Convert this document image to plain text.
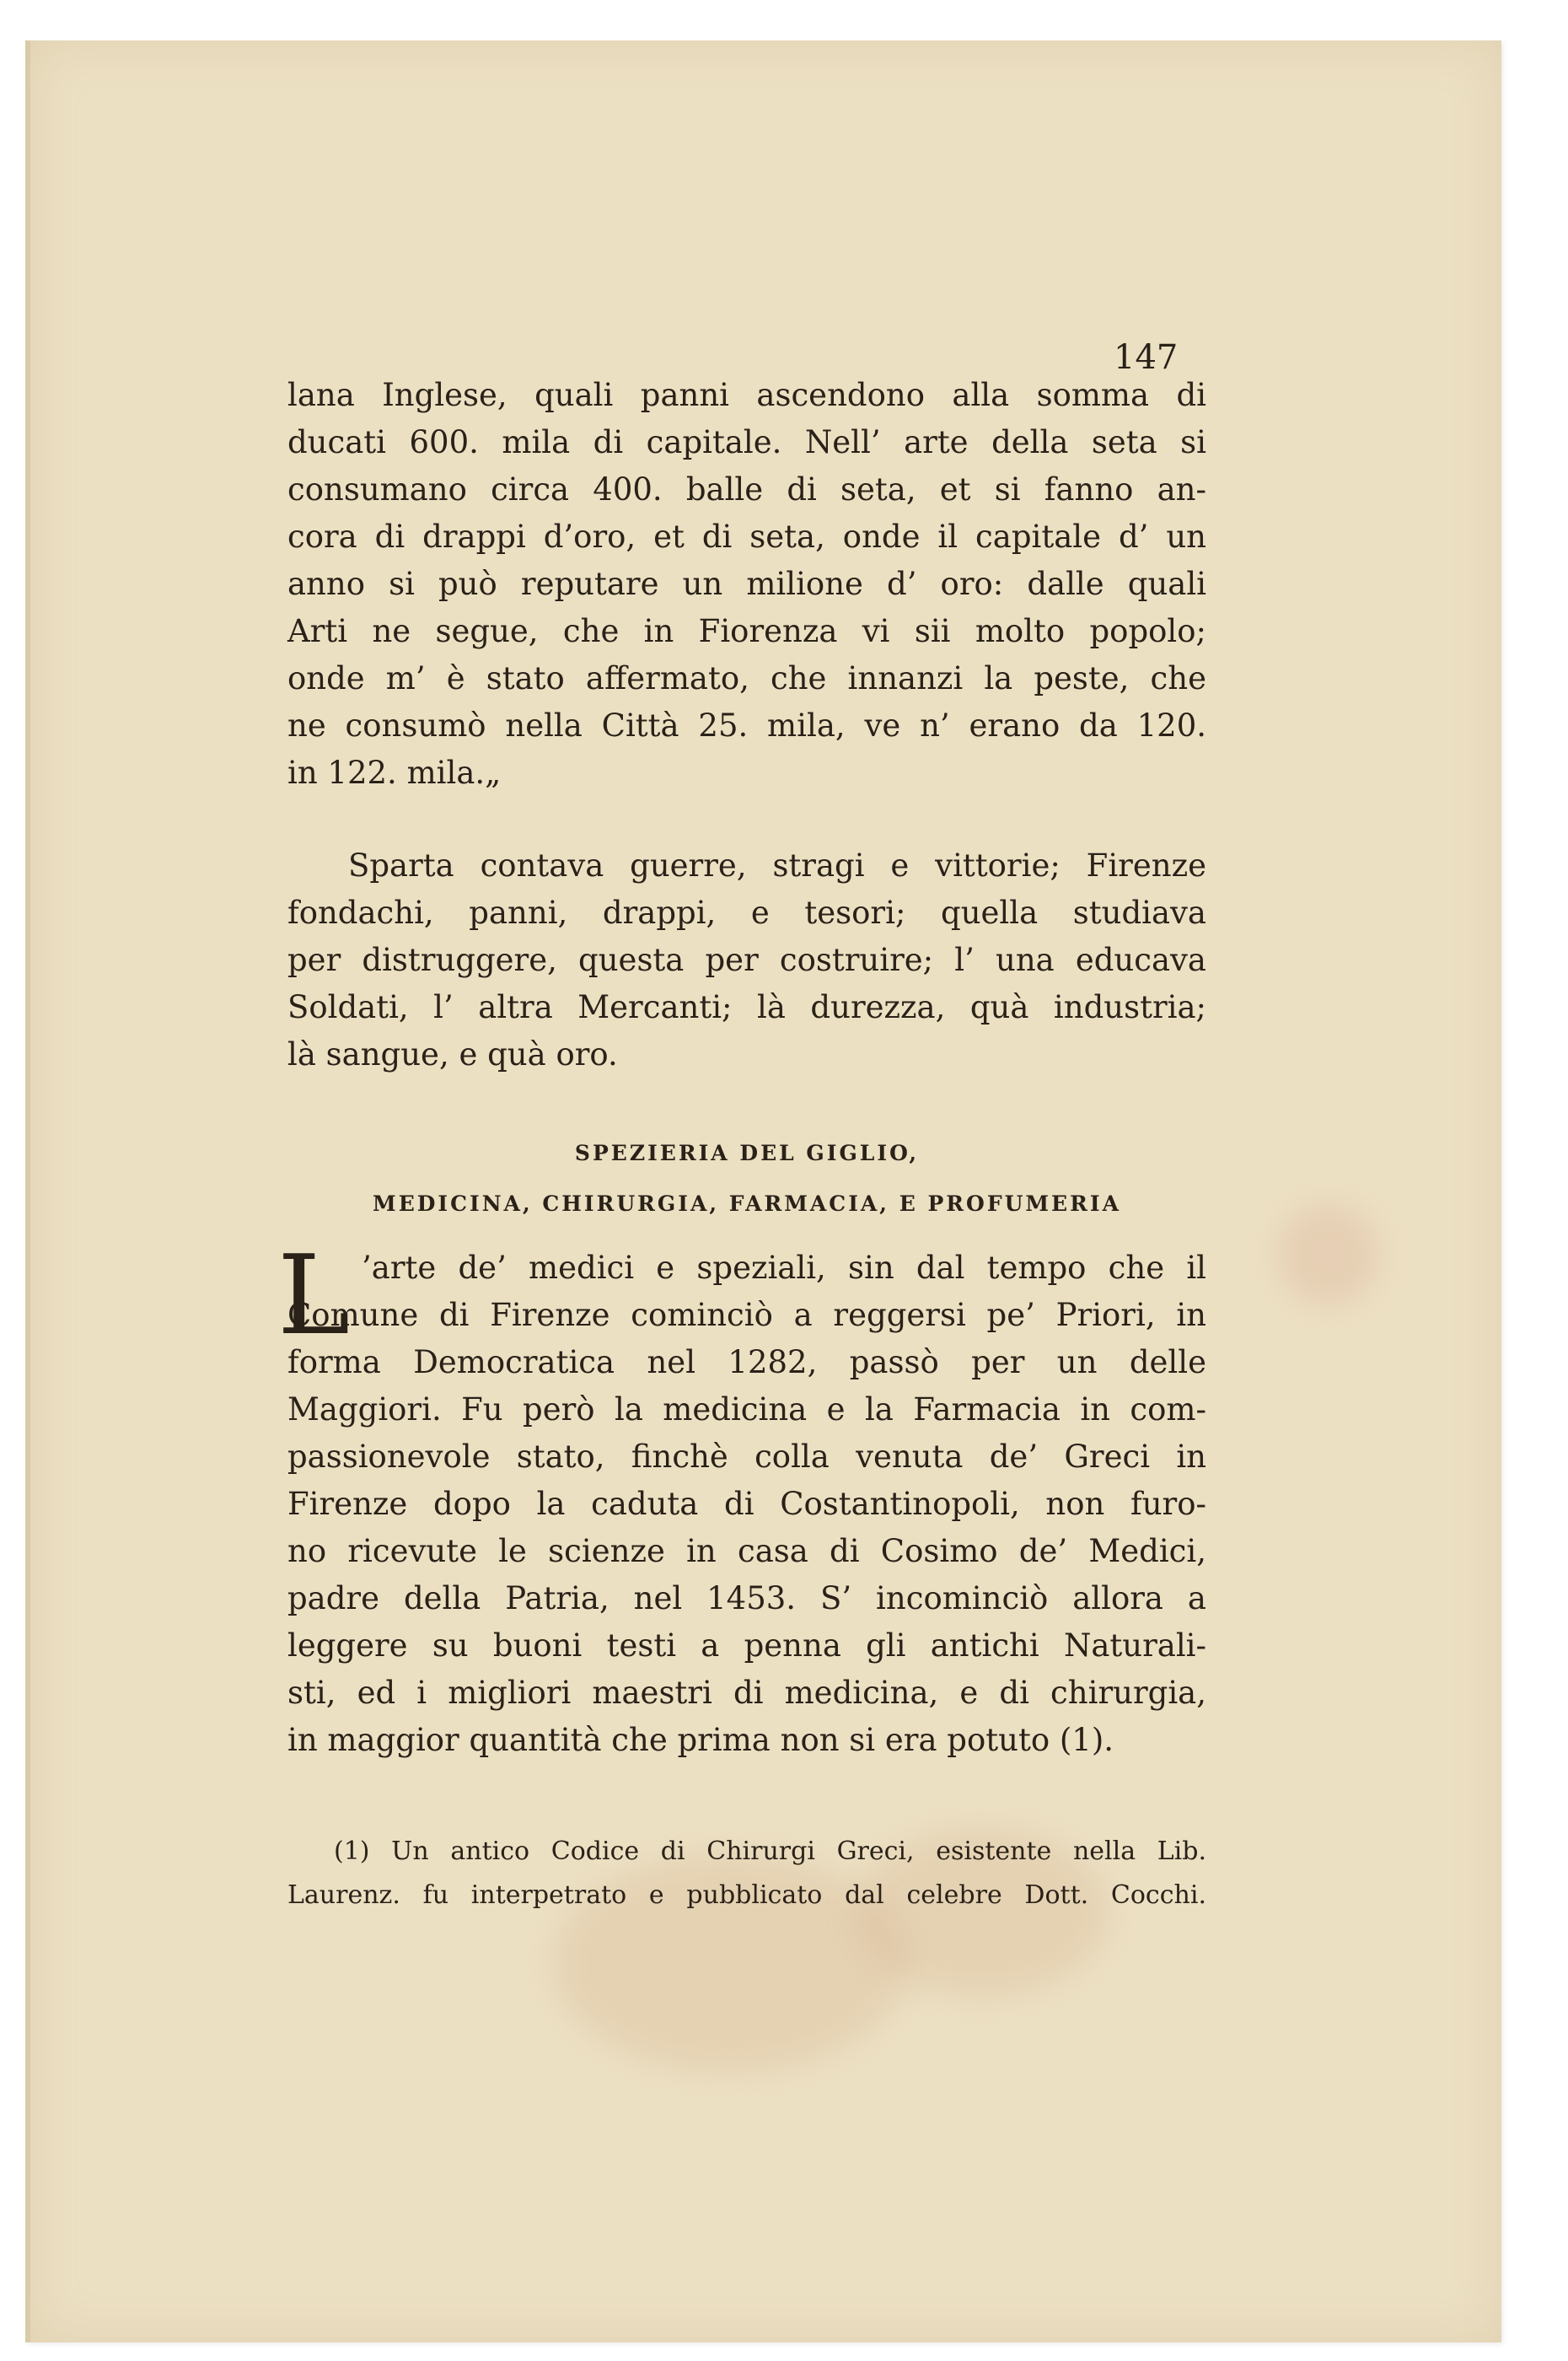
147
lana Inglese, quali panni ascendono alla somma di
ducati 600. mila di capitale. Nell’ arte della seta si
consumano circa 400. balle di seta, et si fanno an-
cora di drappi d’oro, et di seta, onde il capitale d’ un
anno si può reputare un milione d’ oro: dalle quali
Arti ne segue, che in Fiorenza vi sii molto popolo;
onde m’ è stato affermato, che innanzi la peste, che
ne consumò nella Città 25. mila, ve n’ erano da 120.
in 122. mila.„
Sparta contava guerre, stragi e vittorie; Firenze
fondachi, panni, drappi, e tesori; quella studiava
per distruggere, questa per costruire; l’ una educava
Soldati, l’ altra Mercanti; là durezza, quà industria;
là sangue, e quà oro.
SPEZIERIA DEL GIGLIO,
MEDICINA, CHIRURGIA, FARMACIA, E PROFUMERIA
L ’arte de’ medici e speziali, sin dal tempo che il
Comune di Firenze cominciò a reggersi pe’ Priori, in
forma Democratica nel 1282, passò per un delle
Maggiori. Fu però la medicina e la Farmacia in com-
passionevole stato, finchè colla venuta de’ Greci in
Firenze dopo la caduta di Costantinopoli, non furo-
no ricevute le scienze in casa di Cosimo de’ Medici,
padre della Patria, nel 1453. S’ incominciò allora a
leggere su buoni testi a penna gli antichi Naturali-
sti, ed i migliori maestri di medicina, e di chirurgia,
in maggior quantità che prima non si era potuto (1).
(1) Un antico Codice di Chirurgi Greci, esistente nella Lib.
Laurenz. fu interpetrato e pubblicato dal celebre Dott. Cocchi.
